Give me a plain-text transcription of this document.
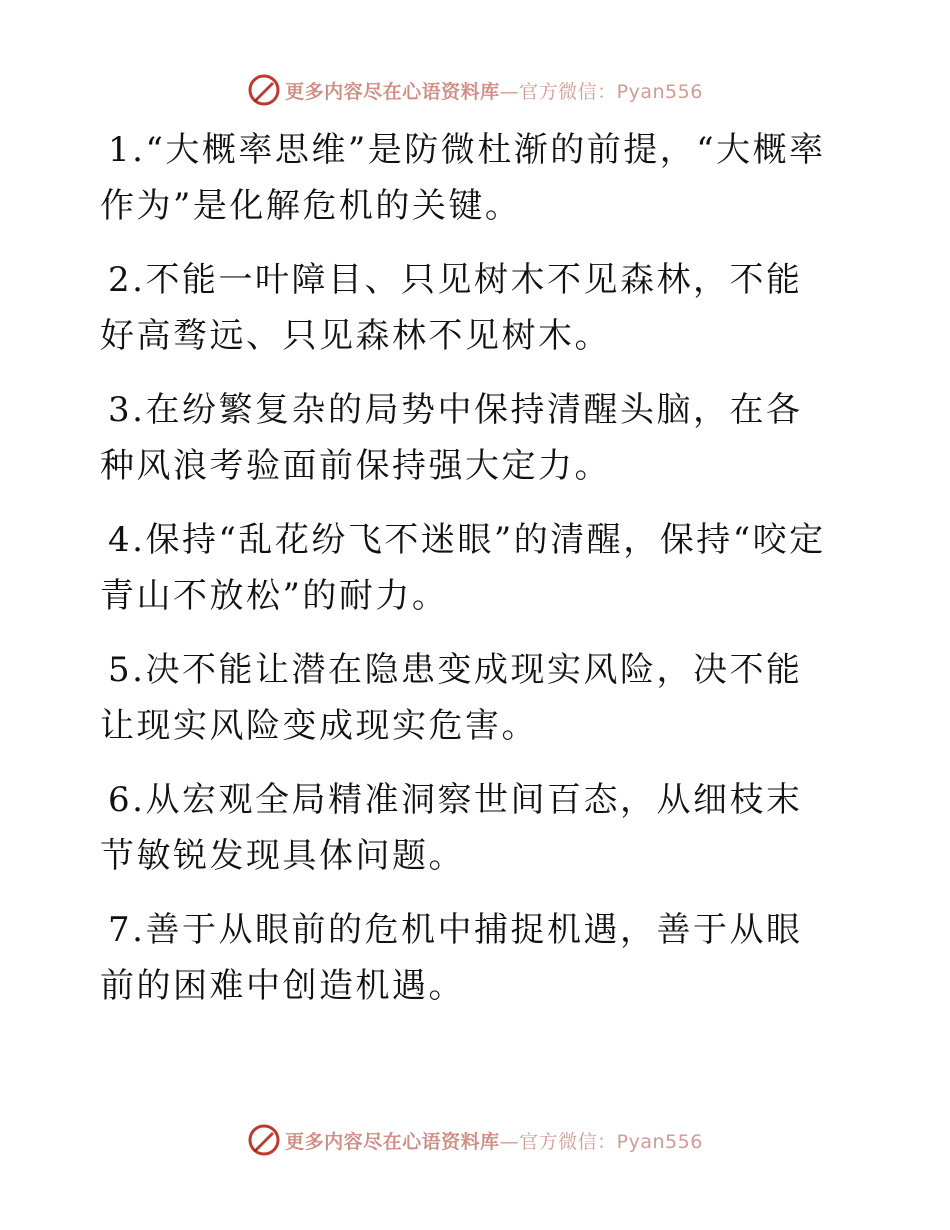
更多内容尽在心语资料库—官方微信：Pyan556

1.“大概率思维”是防微杜渐的前提，“大概率作为”是化解危机的关键。

2.不能一叶障目、只见树木不见森林，不能好高骛远、只见森林不见树木。

3.在纷繁复杂的局势中保持清醒头脑，在各种风浪考验面前保持强大定力。

4.保持“乱花纷飞不迷眼”的清醒，保持“咬定青山不放松”的耐力。

5.决不能让潜在隐患变成现实风险，决不能让现实风险变成现实危害。

6.从宏观全局精准洞察世间百态，从细枝末节敏锐发现具体问题。

7.善于从眼前的危机中捕捉机遇，善于从眼前的困难中创造机遇。

更多内容尽在心语资料库—官方微信：Pyan556
